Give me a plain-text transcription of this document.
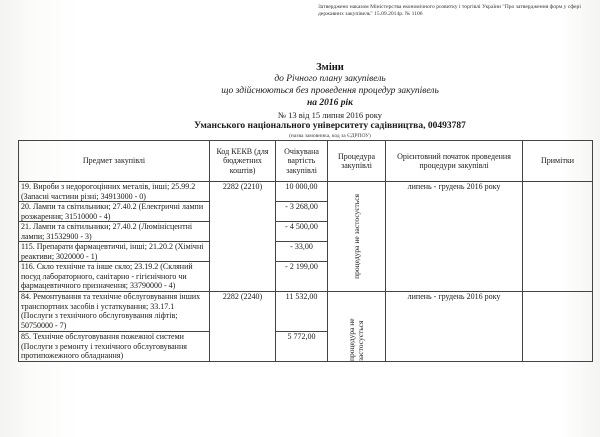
Затверджено наказом Міністерства економічного розвитку і торгівлі України "Про затвердження форм у сфері державних закупівель" 15.09.2014р. № 1106
Зміни
до Річного плану закупівель
що здійснюються без проведення процедур закупівель
на 2016 рік
№ 13 від 15 липня 2016 року
Уманського національного університету садівництва, 00493787
(назва замовника, код за ЄДРПОУ)
Предмет закупівлі	Код КЕКВ (для бюджетних коштів)	Очікувана вартість закупівлі	Процедура закупівлі	Орієнтовний початок проведення процедури закупівлі	Примітки
19. Вироби з недорогоцінних металів, інші; 25.99.2 (Запасні частини різні; 34913000 - 0)	2282 (2210)	10 000,00	процедура не застосується	липень - грудень 2016 року	
20. Лампи та світильники; 27.40.2 (Електричні лампи розжарення; 31510000 - 4)		- 3 268,00			
21. Лампи та світильники; 27.40.2 (Люмінісцентні лампи; 31532900 - 3)		- 4 500,00			
115. Препарати фармацевтичні, інші; 21.20.2 (Хімічні реактиви; 3020000 - 1)		- 33,00			
116. Скло технічне та інше скло; 23.19.2 (Скляний посуд лабораторного, санітарно - гігієнічного чи фармацевтичного призначення; 33790000 - 4)		- 2 199,00			
84. Ремонтування та технічне обслуговування інших транспортних засобів і устаткування; 33.17.1 (Послуги з технічного обслуговування ліфтів; 50750000 - 7)	2282 (2240)	11 532,00	процедура не застосується	липень - грудень 2016 року	
85. Технічне обслуговування пожежної системи (Послуги з ремонту і технічного обслуговування протипожежного обладнання)		5 772,00			
